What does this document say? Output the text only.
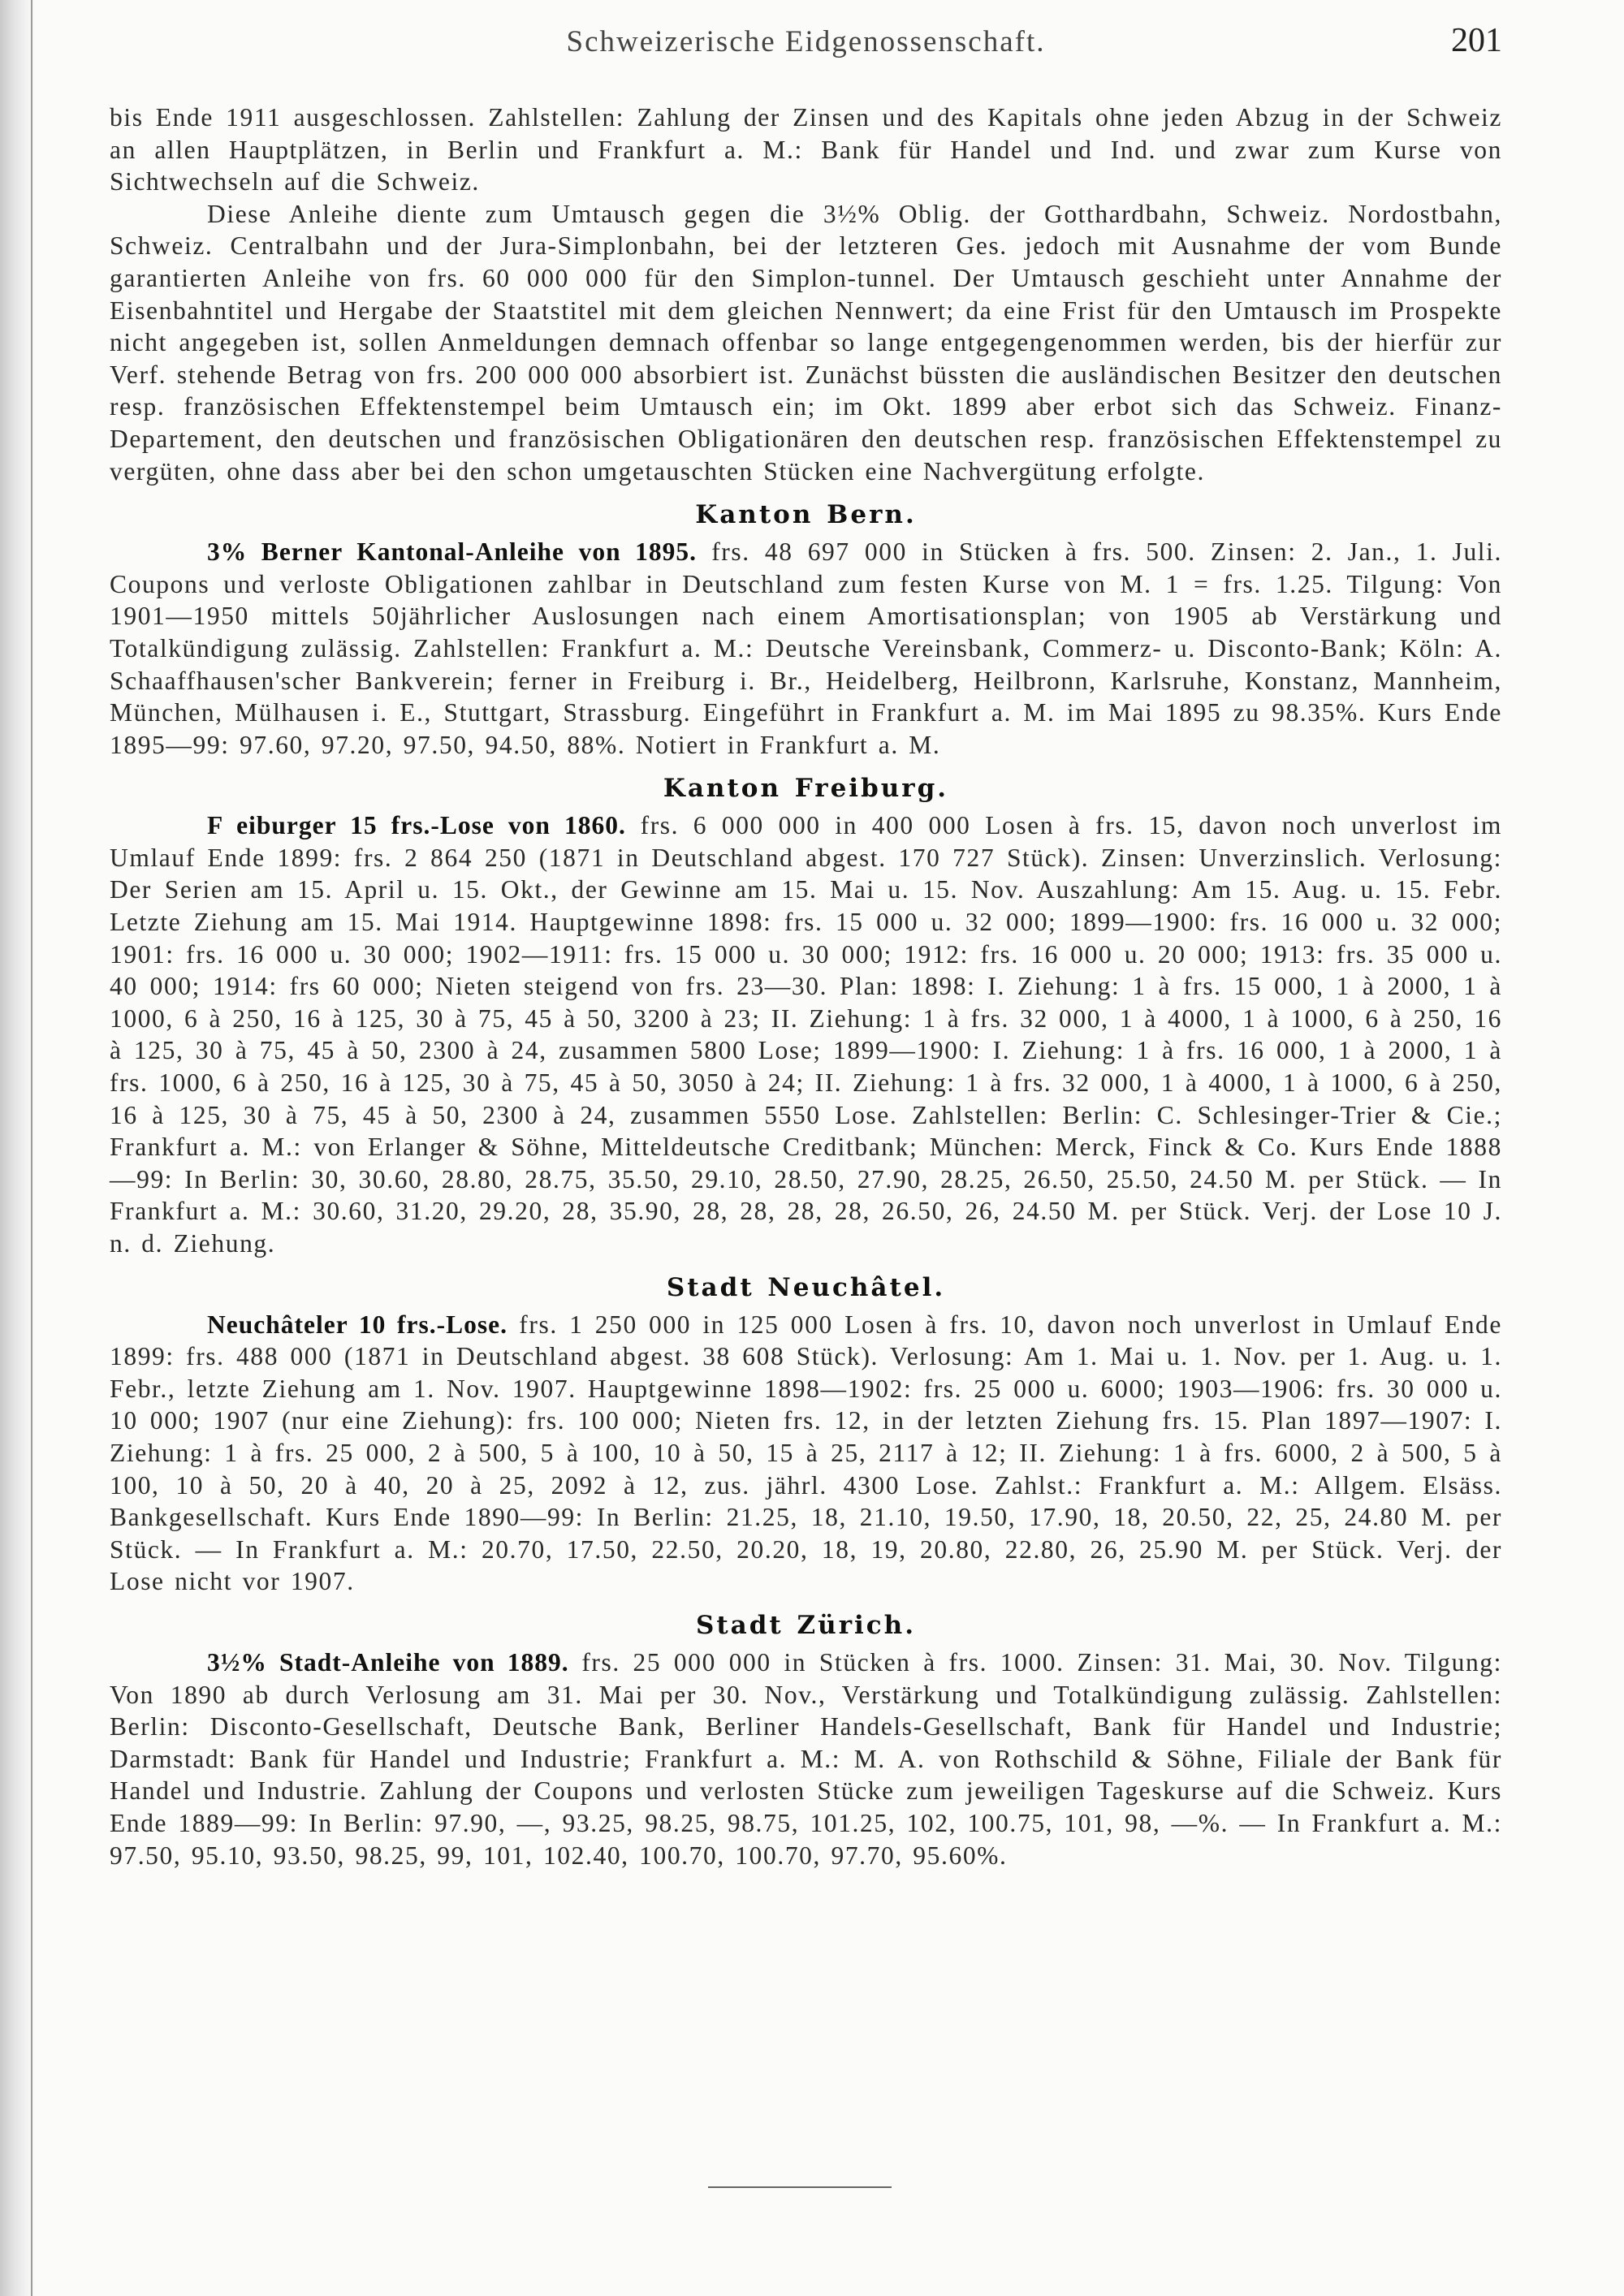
Schweizerische Eidgenossenschaft.	201

bis Ende 1911 ausgeschlossen. Zahlstellen: Zahlung der Zinsen und des Kapitals ohne jeden Abzug in der Schweiz an allen Hauptplätzen, in Berlin und Frankfurt a. M.: Bank für Handel und Ind. und zwar zum Kurse von Sichtwechseln auf die Schweiz.

Diese Anleihe diente zum Umtausch gegen die 3½% Oblig. der Gotthardbahn, Schweiz. Nordostbahn, Schweiz. Centralbahn und der Jura-Simplonbahn, bei der letzteren Ges. jedoch mit Ausnahme der vom Bunde garantierten Anleihe von frs. 60 000 000 für den Simplon-tunnel. Der Umtausch geschieht unter Annahme der Eisenbahntitel und Hergabe der Staatstitel mit dem gleichen Nennwert; da eine Frist für den Umtausch im Prospekte nicht angegeben ist, sollen Anmeldungen demnach offenbar so lange entgegengenommen werden, bis der hierfür zur Verf. stehende Betrag von frs. 200 000 000 absorbiert ist. Zunächst büssten die ausländischen Besitzer den deutschen resp. französischen Effektenstempel beim Umtausch ein; im Okt. 1899 aber erbot sich das Schweiz. Finanz-Departement, den deutschen und französischen Obligationären den deutschen resp. französischen Effektenstempel zu vergüten, ohne dass aber bei den schon umgetauschten Stücken eine Nachvergütung erfolgte.

Kanton Bern.

3% Berner Kantonal-Anleihe von 1895. frs. 48 697 000 in Stücken à frs. 500. Zinsen: 2. Jan., 1. Juli. Coupons und verloste Obligationen zahlbar in Deutschland zum festen Kurse von M. 1 = frs. 1.25. Tilgung: Von 1901—1950 mittels 50jährlicher Auslosungen nach einem Amortisationsplan; von 1905 ab Verstärkung und Totalkündigung zulässig. Zahlstellen: Frankfurt a. M.: Deutsche Vereinsbank, Commerz- u. Disconto-Bank; Köln: A. Schaaffhausen'scher Bankverein; ferner in Freiburg i. Br., Heidelberg, Heilbronn, Karlsruhe, Konstanz, Mannheim, München, Mülhausen i. E., Stuttgart, Strassburg. Eingeführt in Frankfurt a. M. im Mai 1895 zu 98.35%. Kurs Ende 1895—99: 97.60, 97.20, 97.50, 94.50, 88%. Notiert in Frankfurt a. M.

Kanton Freiburg.

F eiburger 15 frs.-Lose von 1860. frs. 6 000 000 in 400 000 Losen à frs. 15, davon noch unverlost im Umlauf Ende 1899: frs. 2 864 250 (1871 in Deutschland abgest. 170 727 Stück). Zinsen: Unverzinslich. Verlosung: Der Serien am 15. April u. 15. Okt., der Gewinne am 15. Mai u. 15. Nov. Auszahlung: Am 15. Aug. u. 15. Febr. Letzte Ziehung am 15. Mai 1914. Hauptgewinne 1898: frs. 15 000 u. 32 000; 1899—1900: frs. 16 000 u. 32 000; 1901: frs. 16 000 u. 30 000; 1902—1911: frs. 15 000 u. 30 000; 1912: frs. 16 000 u. 20 000; 1913: frs. 35 000 u. 40 000; 1914: frs 60 000; Nieten steigend von frs. 23—30. Plan: 1898: I. Ziehung: 1 à frs. 15 000, 1 à 2000, 1 à 1000, 6 à 250, 16 à 125, 30 à 75, 45 à 50, 3200 à 23; II. Ziehung: 1 à frs. 32 000, 1 à 4000, 1 à 1000, 6 à 250, 16 à 125, 30 à 75, 45 à 50, 2300 à 24, zusammen 5800 Lose; 1899—1900: I. Ziehung: 1 à frs. 16 000, 1 à 2000, 1 à frs. 1000, 6 à 250, 16 à 125, 30 à 75, 45 à 50, 3050 à 24; II. Ziehung: 1 à frs. 32 000, 1 à 4000, 1 à 1000, 6 à 250, 16 à 125, 30 à 75, 45 à 50, 2300 à 24, zusammen 5550 Lose. Zahlstellen: Berlin: C. Schlesinger-Trier & Cie.; Frankfurt a. M.: von Erlanger & Söhne, Mitteldeutsche Creditbank; München: Merck, Finck & Co. Kurs Ende 1888—99: In Berlin: 30, 30.60, 28.80, 28.75, 35.50, 29.10, 28.50, 27.90, 28.25, 26.50, 25.50, 24.50 M. per Stück. — In Frankfurt a. M.: 30.60, 31.20, 29.20, 28, 35.90, 28, 28, 28, 28, 26.50, 26, 24.50 M. per Stück. Verj. der Lose 10 J. n. d. Ziehung.

Stadt Neuchâtel.

Neuchâteler 10 frs.-Lose. frs. 1 250 000 in 125 000 Losen à frs. 10, davon noch unverlost in Umlauf Ende 1899: frs. 488 000 (1871 in Deutschland abgest. 38 608 Stück). Verlosung: Am 1. Mai u. 1. Nov. per 1. Aug. u. 1. Febr., letzte Ziehung am 1. Nov. 1907. Hauptgewinne 1898—1902: frs. 25 000 u. 6000; 1903—1906: frs. 30 000 u. 10 000; 1907 (nur eine Ziehung): frs. 100 000; Nieten frs. 12, in der letzten Ziehung frs. 15. Plan 1897—1907: I. Ziehung: 1 à frs. 25 000, 2 à 500, 5 à 100, 10 à 50, 15 à 25, 2117 à 12; II. Ziehung: 1 à frs. 6000, 2 à 500, 5 à 100, 10 à 50, 20 à 40, 20 à 25, 2092 à 12, zus. jährl. 4300 Lose. Zahlst.: Frankfurt a. M.: Allgem. Elsäss. Bankgesellschaft. Kurs Ende 1890—99: In Berlin: 21.25, 18, 21.10, 19.50, 17.90, 18, 20.50, 22, 25, 24.80 M. per Stück. — In Frankfurt a. M.: 20.70, 17.50, 22.50, 20.20, 18, 19, 20.80, 22.80, 26, 25.90 M. per Stück. Verj. der Lose nicht vor 1907.

Stadt Zürich.

3½% Stadt-Anleihe von 1889. frs. 25 000 000 in Stücken à frs. 1000. Zinsen: 31. Mai, 30. Nov. Tilgung: Von 1890 ab durch Verlosung am 31. Mai per 30. Nov., Verstärkung und Totalkündigung zulässig. Zahlstellen: Berlin: Disconto-Gesellschaft, Deutsche Bank, Berliner Handels-Gesellschaft, Bank für Handel und Industrie; Darmstadt: Bank für Handel und Industrie; Frankfurt a. M.: M. A. von Rothschild & Söhne, Filiale der Bank für Handel und Industrie. Zahlung der Coupons und verlosten Stücke zum jeweiligen Tageskurse auf die Schweiz. Kurs Ende 1889—99: In Berlin: 97.90, —, 93.25, 98.25, 98.75, 101.25, 102, 100.75, 101, 98, —%. — In Frankfurt a. M.: 97.50, 95.10, 93.50, 98.25, 99, 101, 102.40, 100.70, 100.70, 97.70, 95.60%.
